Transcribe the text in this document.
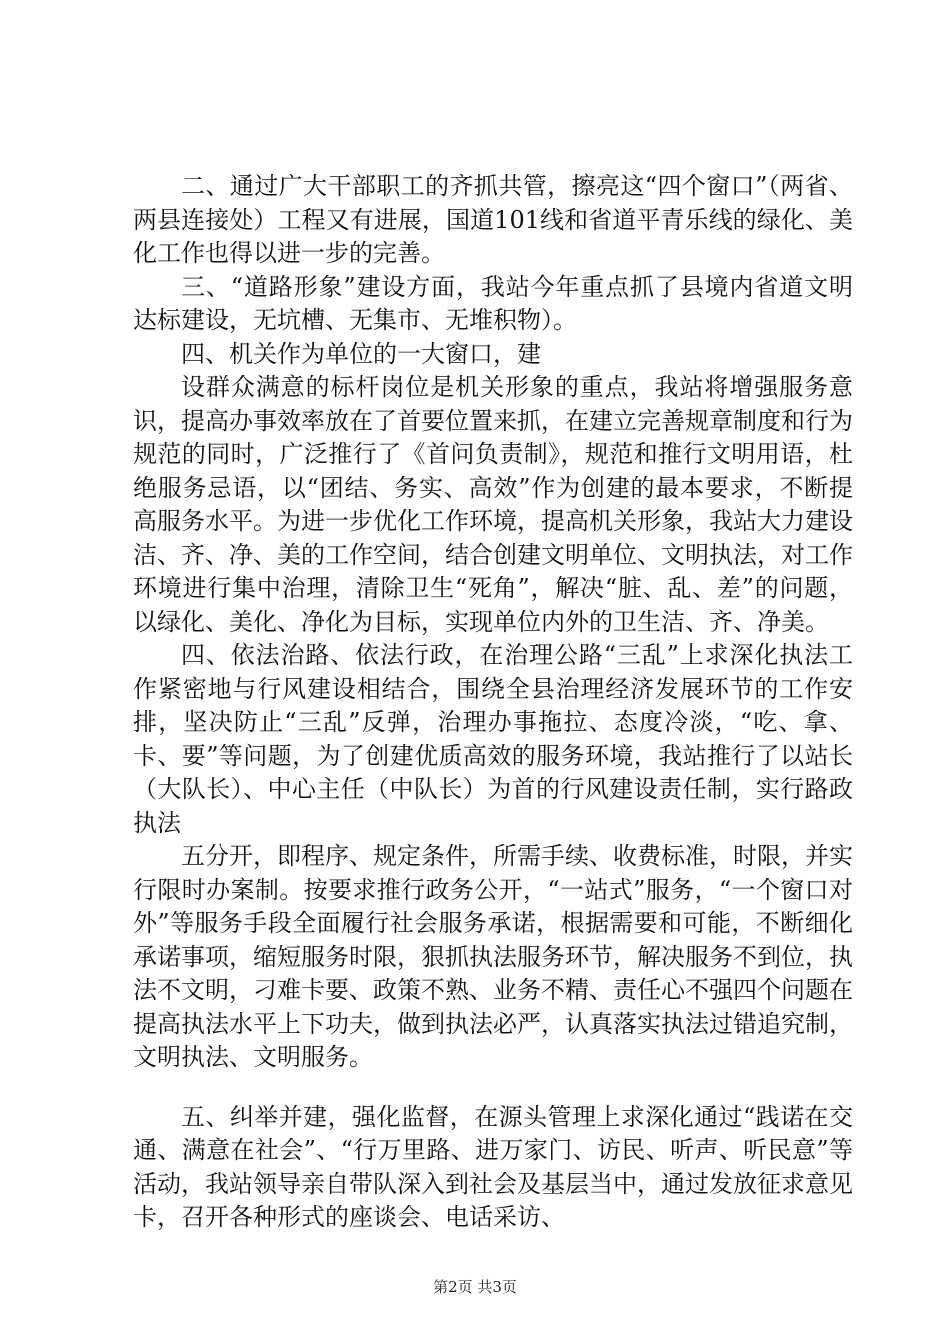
二、通过广大干部职工的齐抓共管，擦亮这“四个窗口”（两省、两县连接处）工程又有进展，国道101线和省道平青乐线的绿化、美化工作也得以进一步的完善。

三、“道路形象”建设方面，我站今年重点抓了县境内省道文明达标建设，无坑槽、无集市、无堆积物）。

四、机关作为单位的一大窗口，建

设群众满意的标杆岗位是机关形象的重点，我站将增强服务意识，提高办事效率放在了首要位置来抓，在建立完善规章制度和行为规范的同时，广泛推行了《首问负责制》，规范和推行文明用语，杜绝服务忌语，以“团结、务实、高效”作为创建的最本要求，不断提高服务水平。为进一步优化工作环境，提高机关形象，我站大力建设洁、齐、净、美的工作空间，结合创建文明单位、文明执法，对工作环境进行集中治理，清除卫生“死角”，解决“脏、乱、差”的问题，以绿化、美化、净化为目标，实现单位内外的卫生洁、齐、净美。

四、依法治路、依法行政，在治理公路“三乱”上求深化执法工作紧密地与行风建设相结合，围绕全县治理经济发展环节的工作安排，坚决防止“三乱”反弹，治理办事拖拉、态度冷淡，“吃、拿、卡、要”等问题，为了创建优质高效的服务环境，我站推行了以站长（大队长）、中心主任（中队长）为首的行风建设责任制，实行路政执法

五分开，即程序、规定条件，所需手续、收费标准，时限，并实行限时办案制。按要求推行政务公开，“一站式”服务，“一个窗口对外”等服务手段全面履行社会服务承诺，根据需要和可能，不断细化承诺事项，缩短服务时限，狠抓执法服务环节，解决服务不到位，执法不文明，刁难卡要、政策不熟、业务不精、责任心不强四个问题在提高执法水平上下功夫，做到执法必严，认真落实执法过错追究制，文明执法、文明服务。

五、纠举并建，强化监督，在源头管理上求深化通过“践诺在交通、满意在社会”、“行万里路、进万家门、访民、听声、听民意”等活动，我站领导亲自带队深入到社会及基层当中，通过发放征求意见卡，召开各种形式的座谈会、电话采访、

第2页 共3页
